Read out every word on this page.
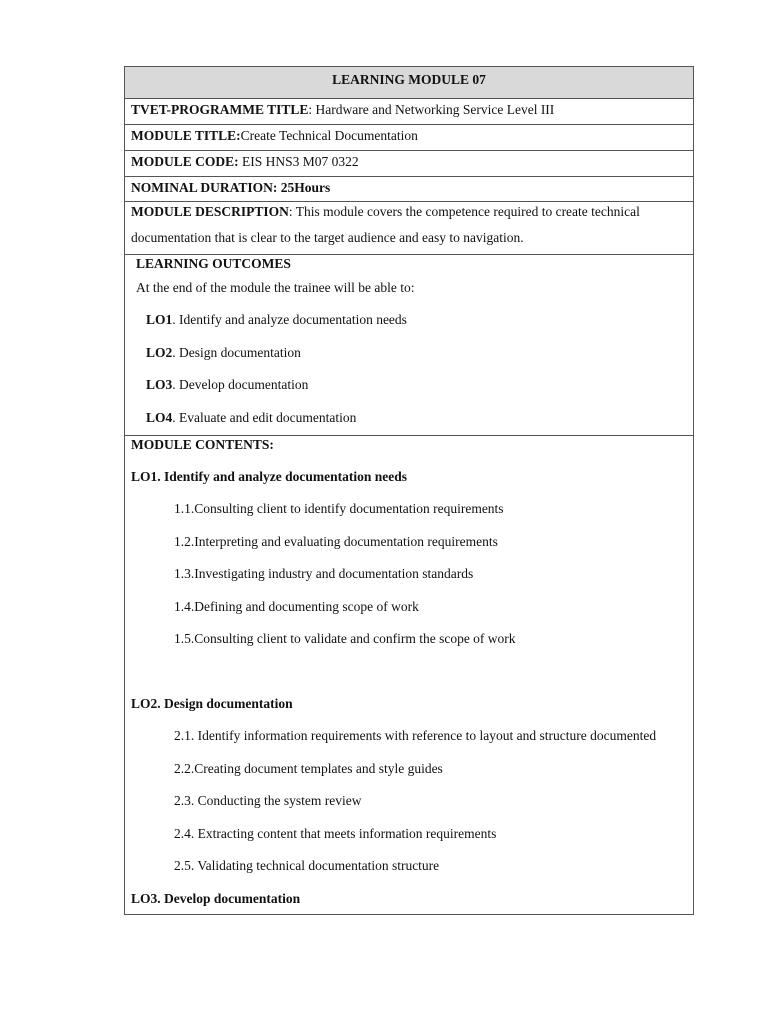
LEARNING MODULE 07
TVET-PROGRAMME TITLE: Hardware and Networking Service Level III
MODULE TITLE:Create Technical Documentation
MODULE CODE: EIS HNS3 M07 0322
NOMINAL DURATION: 25Hours
MODULE DESCRIPTION: This module covers the competence required to create technical
documentation that is clear to the target audience and easy to navigation.
LEARNING OUTCOMES
At the end of the module the trainee will be able to:
LO1. Identify and analyze documentation needs
LO2. Design documentation
LO3. Develop documentation
LO4. Evaluate and edit documentation
MODULE CONTENTS:
LO1. Identify and analyze documentation needs
1.1.Consulting client to identify documentation requirements
1.2.Interpreting and evaluating documentation requirements
1.3.Investigating industry and documentation standards
1.4.Defining and documenting scope of work
1.5.Consulting client to validate and confirm the scope of work
LO2. Design documentation
2.1. Identify information requirements with reference to layout and structure documented
2.2.Creating document templates and style guides
2.3. Conducting the system review
2.4. Extracting content that meets information requirements
2.5. Validating technical documentation structure
LO3. Develop documentation
